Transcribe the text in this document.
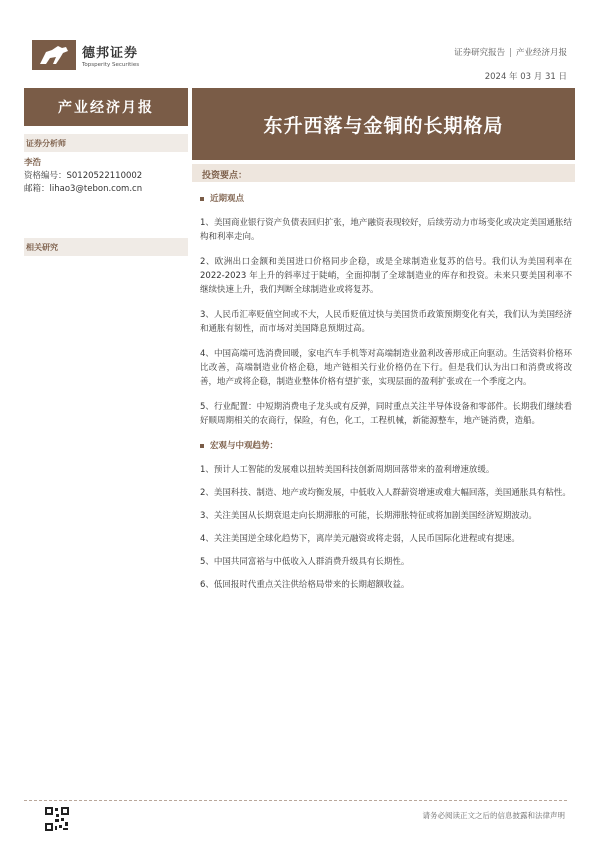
德邦证券
Topsperity Securities
证券研究报告 | 产业经济月报
2024 年 03 月 31 日
产业经济月报
东升西落与金铜的长期格局
证券分析师
李浩
资格编号：S0120522110002
邮箱：lihao3@tebon.com.cn
相关研究
投资要点：
近期观点

1、美国商业银行资产负债表回归扩张，地产融资表现较好，后续劳动力市场变化或决定美国通胀结构和利率走向。

2、欧洲出口金额和美国进口价格同步企稳，或是全球制造业复苏的信号。我们认为美国利率在 2022-2023 年上升的斜率过于陡峭，全面抑制了全球制造业的库存和投资。未来只要美国利率不继续快速上升，我们判断全球制造业或将复苏。

3、人民币汇率贬值空间或不大，人民币贬值过快与美国货币政策预期变化有关，我们认为美国经济和通胀有韧性，而市场对美国降息预期过高。

4、中国高端可选消费回暖，家电汽车手机等对高端制造业盈利改善形成正向驱动。生活资料价格环比改善，高端制造业价格企稳，地产链相关行业价格仍在下行。但是我们认为出口和消费或将改善，地产或将企稳，制造业整体价格有望扩张，实现层面的盈利扩张或在一个季度之内。

5、行业配置：中短期消费电子龙头或有反弹，同时重点关注半导体设备和零部件。长期我们继续看好顺周期相关的农商行，保险，有色，化工，工程机械，新能源整车，地产链消费，造船。

宏观与中观趋势：

1、预计人工智能的发展难以扭转美国科技创新周期回落带来的盈利增速放缓。

2、美国科技、制造、地产或均衡发展，中低收入人群薪资增速或难大幅回落，美国通胀具有粘性。

3、关注美国从长期衰退走向长期滞胀的可能，长期滞胀特征或将加剧美国经济短期波动。

4、关注美国逆全球化趋势下，离岸美元融资或将走弱，人民币国际化进程或有提速。

5、中国共同富裕与中低收入人群消费升级具有长期性。

6、低回报时代重点关注供给格局带来的长期超额收益。

请务必阅读正文之后的信息披露和法律声明
